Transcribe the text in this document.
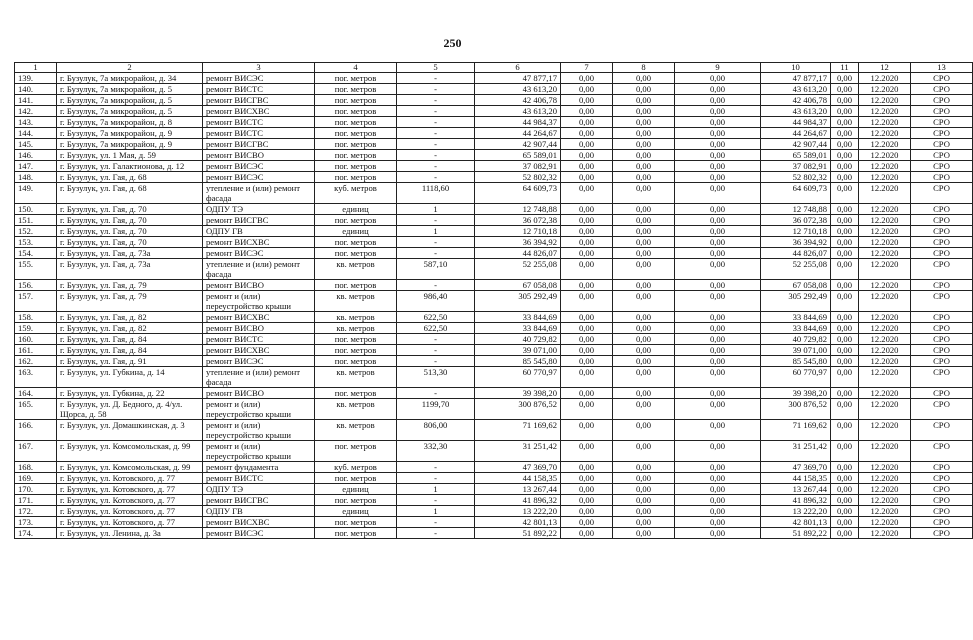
250
1	2	3	4	5	6	7	8	9	10	11	12	13
139.	г. Бузулук, 7а микрорайон, д. 34	ремонт ВИСЭС	пог. метров	-	47 877,17	0,00	0,00	0,00	47 877,17	0,00	12.2020	СРО
140.	г. Бузулук, 7а микрорайон, д. 5	ремонт ВИСТС	пог. метров	-	43 613,20	0,00	0,00	0,00	43 613,20	0,00	12.2020	СРО
141.	г. Бузулук, 7а микрорайон, д. 5	ремонт ВИСГВС	пог. метров	-	42 406,78	0,00	0,00	0,00	42 406,78	0,00	12.2020	СРО
142.	г. Бузулук, 7а микрорайон, д. 5	ремонт ВИСХВС	пог. метров	-	43 613,20	0,00	0,00	0,00	43 613,20	0,00	12.2020	СРО
143.	г. Бузулук, 7а микрорайон, д. 8	ремонт ВИСТС	пог. метров	-	44 984,37	0,00	0,00	0,00	44 984,37	0,00	12.2020	СРО
144.	г. Бузулук, 7а микрорайон, д. 9	ремонт ВИСТС	пог. метров	-	44 264,67	0,00	0,00	0,00	44 264,67	0,00	12.2020	СРО
145.	г. Бузулук, 7а микрорайон, д. 9	ремонт ВИСГВС	пог. метров	-	42 907,44	0,00	0,00	0,00	42 907,44	0,00	12.2020	СРО
146.	г. Бузулук, ул. 1 Мая, д. 59	ремонт ВИСВО	пог. метров	-	65 589,01	0,00	0,00	0,00	65 589,01	0,00	12.2020	СРО
147.	г. Бузулук, ул. Галактионова, д. 12	ремонт ВИСЭС	пог. метров	-	37 082,91	0,00	0,00	0,00	37 082,91	0,00	12.2020	СРО
148.	г. Бузулук, ул. Гая, д. 68	ремонт ВИСЭС	пог. метров	-	52 802,32	0,00	0,00	0,00	52 802,32	0,00	12.2020	СРО
149.	г. Бузулук, ул. Гая, д. 68	утепление и (или) ремонт фасада	куб. метров	1118,60	64 609,73	0,00	0,00	0,00	64 609,73	0,00	12.2020	СРО
150.	г. Бузулук, ул. Гая, д. 70	ОДПУ ТЭ	единиц	1	12 748,88	0,00	0,00	0,00	12 748,88	0,00	12.2020	СРО
151.	г. Бузулук, ул. Гая, д. 70	ремонт ВИСГВС	пог. метров	-	36 072,38	0,00	0,00	0,00	36 072,38	0,00	12.2020	СРО
152.	г. Бузулук, ул. Гая, д. 70	ОДПУ ГВ	единиц	1	12 710,18	0,00	0,00	0,00	12 710,18	0,00	12.2020	СРО
153.	г. Бузулук, ул. Гая, д. 70	ремонт ВИСХВС	пог. метров	-	36 394,92	0,00	0,00	0,00	36 394,92	0,00	12.2020	СРО
154.	г. Бузулук, ул. Гая, д. 73а	ремонт ВИСЭС	пог. метров	-	44 826,07	0,00	0,00	0,00	44 826,07	0,00	12.2020	СРО
155.	г. Бузулук, ул. Гая, д. 73а	утепление и (или) ремонт фасада	кв. метров	587,10	52 255,08	0,00	0,00	0,00	52 255,08	0,00	12.2020	СРО
156.	г. Бузулук, ул. Гая, д. 79	ремонт ВИСВО	пог. метров	-	67 058,08	0,00	0,00	0,00	67 058,08	0,00	12.2020	СРО
157.	г. Бузулук, ул. Гая, д. 79	ремонт и (или) переустройство крыши	кв. метров	986,40	305 292,49	0,00	0,00	0,00	305 292,49	0,00	12.2020	СРО
158.	г. Бузулук, ул. Гая, д. 82	ремонт ВИСХВС	кв. метров	622,50	33 844,69	0,00	0,00	0,00	33 844,69	0,00	12.2020	СРО
159.	г. Бузулук, ул. Гая, д. 82	ремонт ВИСВО	кв. метров	622,50	33 844,69	0,00	0,00	0,00	33 844,69	0,00	12.2020	СРО
160.	г. Бузулук, ул. Гая, д. 84	ремонт ВИСТС	пог. метров	-	40 729,82	0,00	0,00	0,00	40 729,82	0,00	12.2020	СРО
161.	г. Бузулук, ул. Гая, д. 84	ремонт ВИСХВС	пог. метров	-	39 071,00	0,00	0,00	0,00	39 071,00	0,00	12.2020	СРО
162.	г. Бузулук, ул. Гая, д. 91	ремонт ВИСЭС	пог. метров	-	85 545,80	0,00	0,00	0,00	85 545,80	0,00	12.2020	СРО
163.	г. Бузулук, ул. Губкина, д. 14	утепление и (или) ремонт фасада	кв. метров	513,30	60 770,97	0,00	0,00	0,00	60 770,97	0,00	12.2020	СРО
164.	г. Бузулук, ул. Губкина, д. 22	ремонт ВИСВО	пог. метров	-	39 398,20	0,00	0,00	0,00	39 398,20	0,00	12.2020	СРО
165.	г. Бузулук, ул. Д. Бедного, д. 4/ул. Щорса, д. 58	ремонт и (или) переустройство крыши	кв. метров	1199,70	300 876,52	0,00	0,00	0,00	300 876,52	0,00	12.2020	СРО
166.	г. Бузулук, ул. Домашкинская, д. 3	ремонт и (или) переустройство крыши	кв. метров	806,00	71 169,62	0,00	0,00	0,00	71 169,62	0,00	12.2020	СРО
167.	г. Бузулук, ул. Комсомольская, д. 99	ремонт и (или) переустройство крыши	пог. метров	332,30	31 251,42	0,00	0,00	0,00	31 251,42	0,00	12.2020	СРО
168.	г. Бузулук, ул. Комсомольская, д. 99	ремонт фундамента	куб. метров	-	47 369,70	0,00	0,00	0,00	47 369,70	0,00	12.2020	СРО
169.	г. Бузулук, ул. Котовского, д. 77	ремонт ВИСТС	пог. метров	-	44 158,35	0,00	0,00	0,00	44 158,35	0,00	12.2020	СРО
170.	г. Бузулук, ул. Котовского, д. 77	ОДПУ ТЭ	единиц	1	13 267,44	0,00	0,00	0,00	13 267,44	0,00	12.2020	СРО
171.	г. Бузулук, ул. Котовского, д. 77	ремонт ВИСГВС	пог. метров	-	41 896,32	0,00	0,00	0,00	41 896,32	0,00	12.2020	СРО
172.	г. Бузулук, ул. Котовского, д. 77	ОДПУ ГВ	единиц	1	13 222,20	0,00	0,00	0,00	13 222,20	0,00	12.2020	СРО
173.	г. Бузулук, ул. Котовского, д. 77	ремонт ВИСХВС	пог. метров	-	42 801,13	0,00	0,00	0,00	42 801,13	0,00	12.2020	СРО
174.	г. Бузулук, ул. Ленина, д. 3а	ремонт ВИСЭС	пог. метров	-	51 892,22	0,00	0,00	0,00	51 892,22	0,00	12.2020	СРО
